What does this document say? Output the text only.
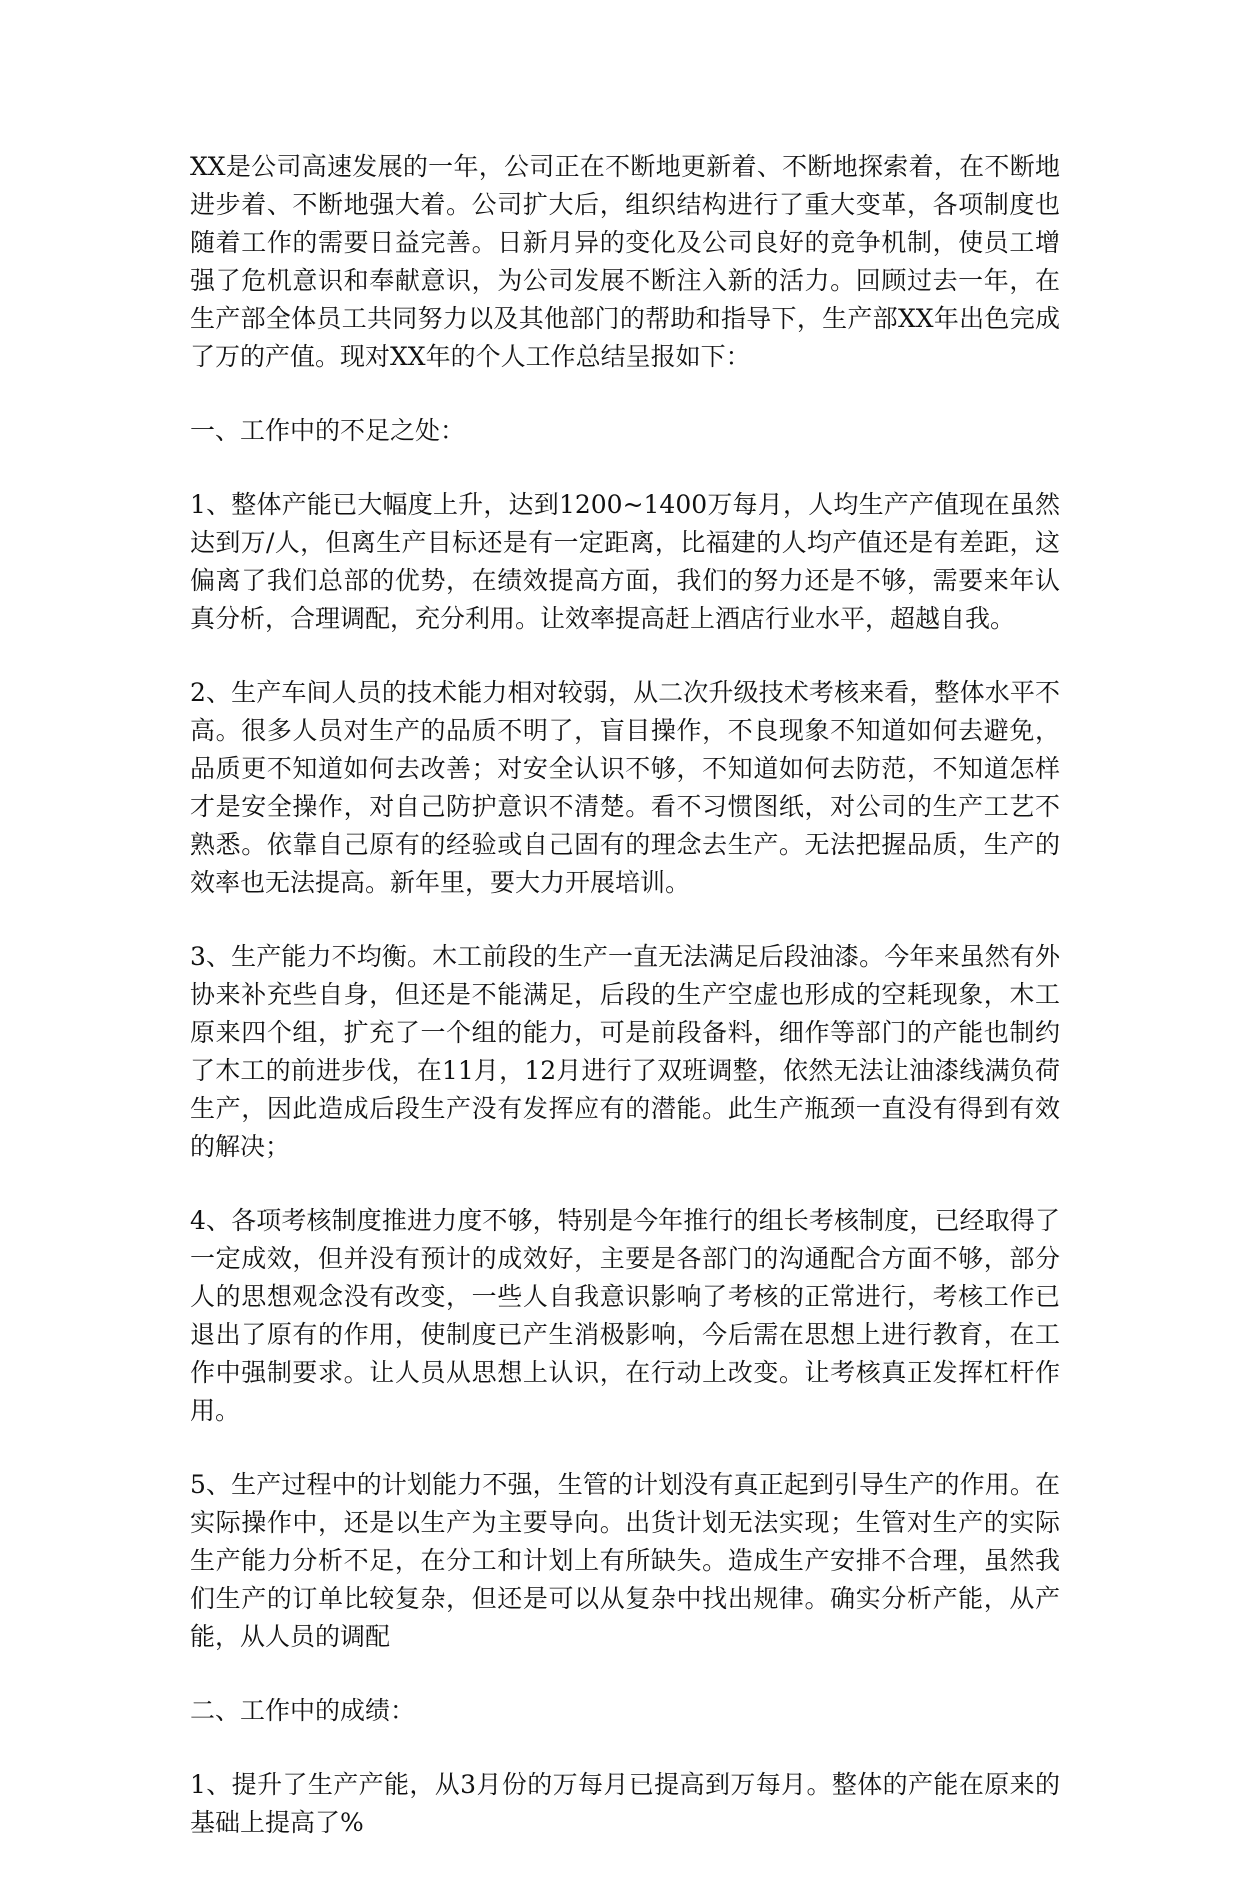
XX是公司高速发展的一年，公司正在不断地更新着、不断地探索着，在不断地进步着、不断地强大着。公司扩大后，组织结构进行了重大变革，各项制度也随着工作的需要日益完善。日新月异的变化及公司良好的竞争机制，使员工增强了危机意识和奉献意识，为公司发展不断注入新的活力。回顾过去一年，在生产部全体员工共同努力以及其他部门的帮助和指导下，生产部XX年出色完成了万的产值。现对XX年的个人工作总结呈报如下：

一、工作中的不足之处：

1、整体产能已大幅度上升，达到1200~1400万每月，人均生产产值现在虽然达到万/人，但离生产目标还是有一定距离，比福建的人均产值还是有差距，这偏离了我们总部的优势，在绩效提高方面，我们的努力还是不够，需要来年认真分析，合理调配，充分利用。让效率提高赶上酒店行业水平，超越自我。

2、生产车间人员的技术能力相对较弱，从二次升级技术考核来看，整体水平不高。很多人员对生产的品质不明了，盲目操作，不良现象不知道如何去避免，品质更不知道如何去改善；对安全认识不够，不知道如何去防范，不知道怎样才是安全操作，对自己防护意识不清楚。看不习惯图纸，对公司的生产工艺不熟悉。依靠自己原有的经验或自己固有的理念去生产。无法把握品质，生产的效率也无法提高。新年里，要大力开展培训。

3、生产能力不均衡。木工前段的生产一直无法满足后段油漆。今年来虽然有外协来补充些自身，但还是不能满足，后段的生产空虚也形成的空耗现象，木工原来四个组，扩充了一个组的能力，可是前段备料，细作等部门的产能也制约了木工的前进步伐，在11月，12月进行了双班调整，依然无法让油漆线满负荷生产，因此造成后段生产没有发挥应有的潜能。此生产瓶颈一直没有得到有效的解决；

4、各项考核制度推进力度不够，特别是今年推行的组长考核制度，已经取得了一定成效，但并没有预计的成效好，主要是各部门的沟通配合方面不够，部分人的思想观念没有改变，一些人自我意识影响了考核的正常进行，考核工作已退出了原有的作用，使制度已产生消极影响，今后需在思想上进行教育，在工作中强制要求。让人员从思想上认识，在行动上改变。让考核真正发挥杠杆作用。

5、生产过程中的计划能力不强，生管的计划没有真正起到引导生产的作用。在实际操作中，还是以生产为主要导向。出货计划无法实现；生管对生产的实际生产能力分析不足，在分工和计划上有所缺失。造成生产安排不合理，虽然我们生产的订单比较复杂，但还是可以从复杂中找出规律。确实分析产能，从产能，从人员的调配

二、工作中的成绩：

1、提升了生产产能，从3月份的万每月已提高到万每月。整体的产能在原来的基础上提高了%
